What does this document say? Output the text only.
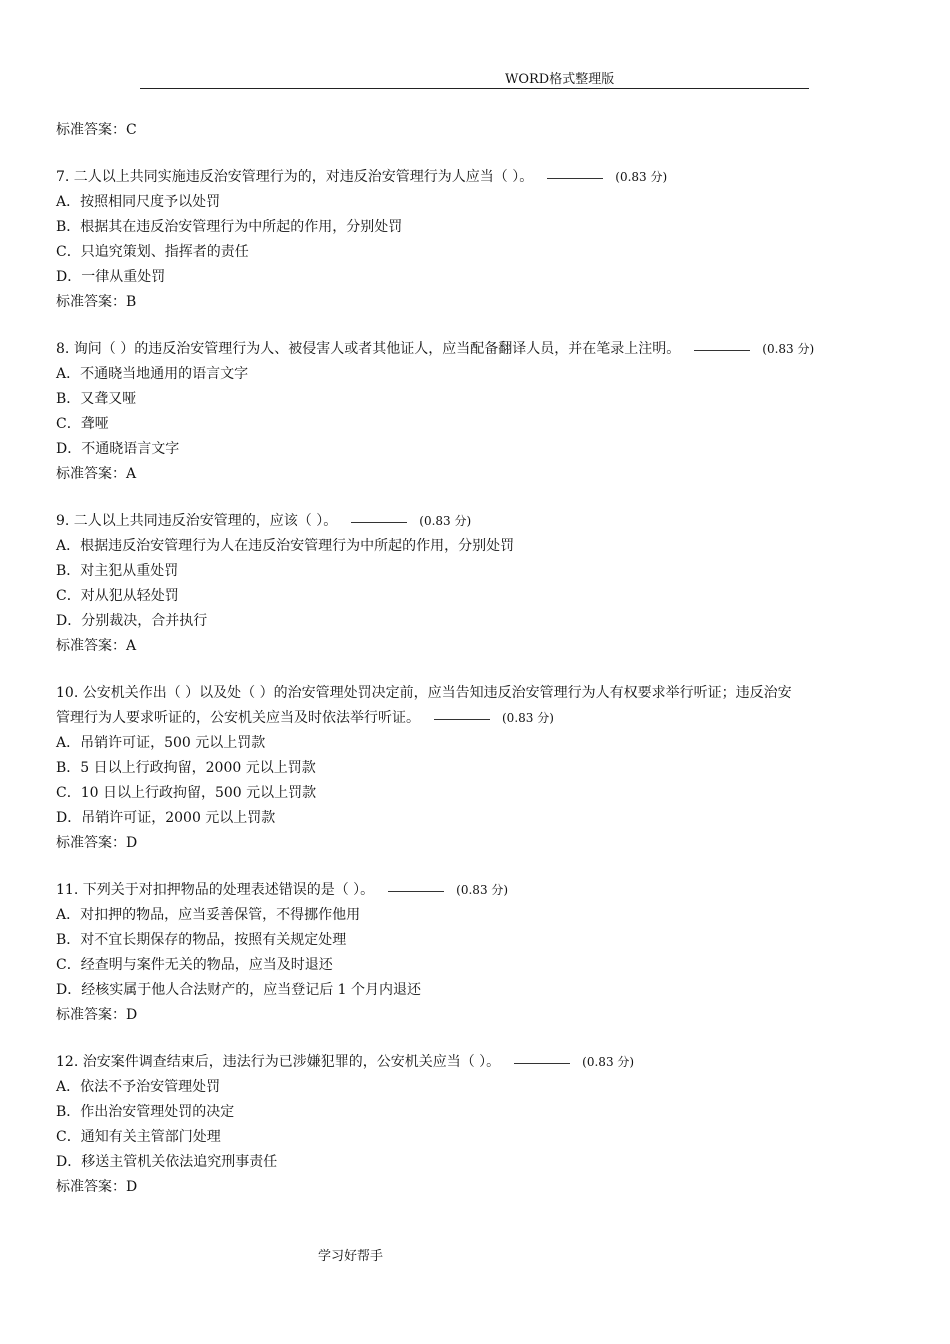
WORD格式整理版
标准答案：C
7. 二人以上共同实施违反治安管理行为的，对违反治安管理行为人应当（ ）。	(0.83 分)
A．按照相同尺度予以处罚
B．根据其在违反治安管理行为中所起的作用，分别处罚
C．只追究策划、指挥者的责任
D．一律从重处罚
标准答案：B
8. 询问（ ）的违反治安管理行为人、被侵害人或者其他证人，应当配备翻译人员，并在笔录上注明。	(0.83 分)
A．不通晓当地通用的语言文字
B．又聋又哑
C．聋哑
D．不通晓语言文字
标准答案：A
9. 二人以上共同违反治安管理的，应该（ ）。	(0.83 分)
A．根据违反治安管理行为人在违反治安管理行为中所起的作用，分别处罚
B．对主犯从重处罚
C．对从犯从轻处罚
D．分别裁决，合并执行
标准答案：A
10. 公安机关作出（ ）以及处（ ）的治安管理处罚决定前，应当告知违反治安管理行为人有权要求举行听证；违反治安
管理行为人要求听证的，公安机关应当及时依法举行听证。	(0.83 分)
A．吊销许可证，500 元以上罚款
B．5 日以上行政拘留，2000 元以上罚款
C．10 日以上行政拘留，500 元以上罚款
D．吊销许可证，2000 元以上罚款
标准答案：D
11. 下列关于对扣押物品的处理表述错误的是（ ）。	(0.83 分)
A．对扣押的物品，应当妥善保管，不得挪作他用
B．对不宜长期保存的物品，按照有关规定处理
C．经查明与案件无关的物品，应当及时退还
D．经核实属于他人合法财产的，应当登记后 1 个月内退还
标准答案：D
12. 治安案件调查结束后，违法行为已涉嫌犯罪的，公安机关应当（ ）。	(0.83 分)
A．依法不予治安管理处罚
B．作出治安管理处罚的决定
C．通知有关主管部门处理
D．移送主管机关依法追究刑事责任
标准答案：D
学习好帮手
